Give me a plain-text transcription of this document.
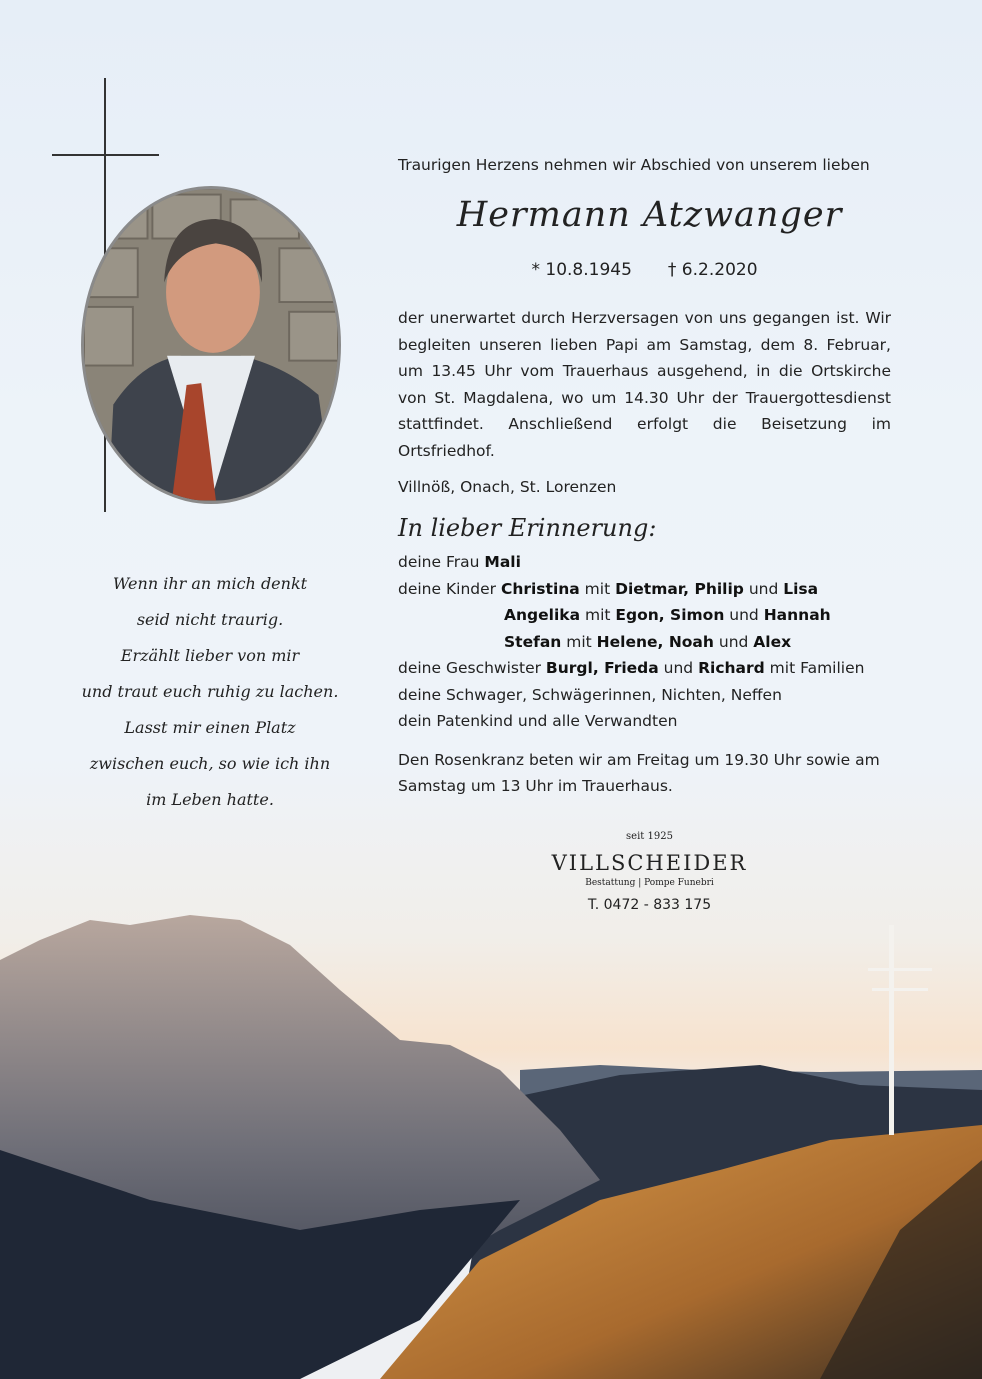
Wenn ihr an mich denkt
seid nicht traurig.
Erzählt lieber von mir
und traut euch ruhig zu lachen.
Lasst mir einen Platz
zwischen euch, so wie ich ihn
im Leben hatte.
Traurigen Herzens nehmen wir Abschied von unserem lieben
Hermann Atzwanger
* 10.8.1945 † 6.2.2020
der unerwartet durch Herzversagen von uns gegangen ist. Wir begleiten unseren lieben Papi am Samstag, dem 8. Februar, um 13.45 Uhr vom Trauerhaus ausgehend, in die Ortskirche von St. Magdalena, wo um 14.30 Uhr der Trauergottesdienst stattfindet. Anschließend erfolgt die Beisetzung im Ortsfriedhof.
Villnöß, Onach, St. Lorenzen
In lieber Erinnerung:
deine Frau Mali
deine Kinder Christina mit Dietmar, Philip und Lisa
Angelika mit Egon, Simon und Hannah
Stefan mit Helene, Noah und Alex
deine Geschwister Burgl, Frieda und Richard mit Familien
deine Schwager, Schwägerinnen, Nichten, Neffen
dein Patenkind und alle Verwandten
Den Rosenkranz beten wir am Freitag um 19.30 Uhr sowie am Samstag um 13 Uhr im Trauerhaus.
seit 1925
VILLSCHEIDER
Bestattung | Pompe Funebri
T. 0472 - 833 175
